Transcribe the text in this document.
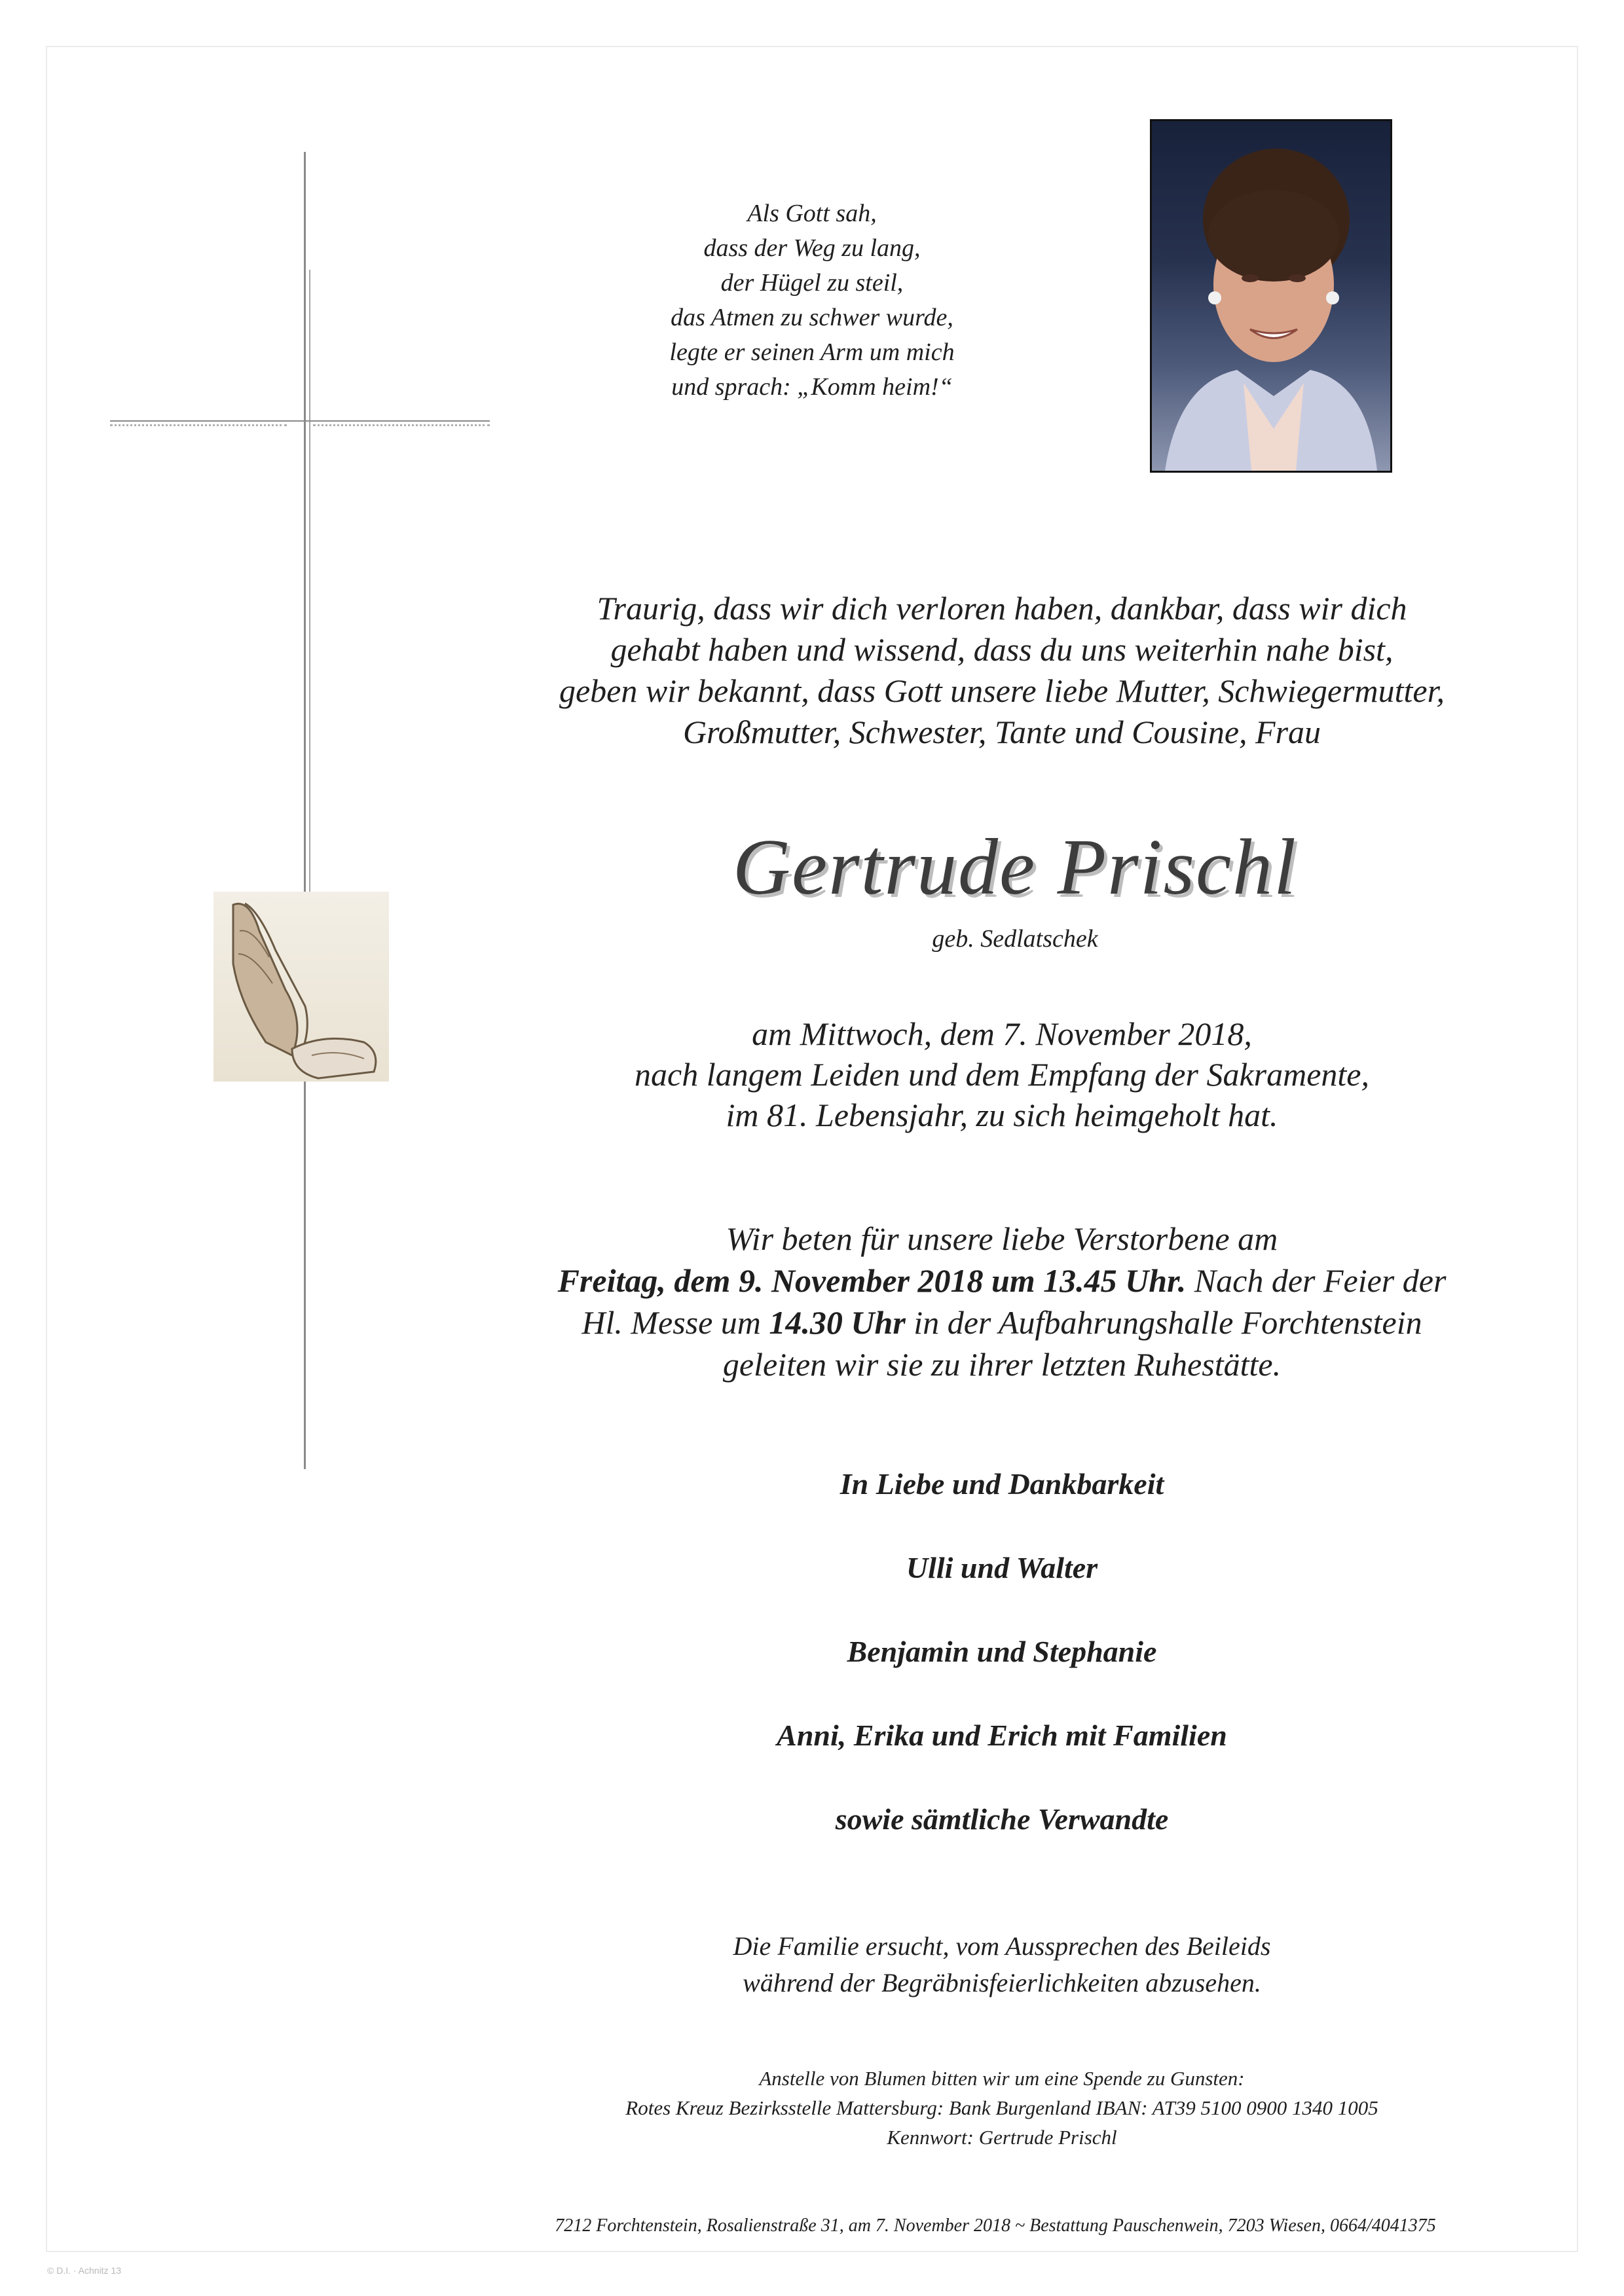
Als Gott sah,
dass der Weg zu lang,
der Hügel zu steil,
das Atmen zu schwer wurde,
legte er seinen Arm um mich
und sprach: „Komm heim!“
Traurig, dass wir dich verloren haben, dankbar, dass wir dich
gehabt haben und wissend, dass du uns weiterhin nahe bist,
geben wir bekannt, dass Gott unsere liebe Mutter, Schwiegermutter,
Großmutter, Schwester, Tante und Cousine, Frau
Gertrude Prischl
geb. Sedlatschek
am Mittwoch, dem 7. November 2018,
nach langem Leiden und dem Empfang der Sakramente,
im 81. Lebensjahr, zu sich heimgeholt hat.
Wir beten für unsere liebe Verstorbene am
Freitag, dem 9. November 2018 um 13.45 Uhr. Nach der Feier der
Hl. Messe um 14.30 Uhr in der Aufbahrungshalle Forchtenstein
geleiten wir sie zu ihrer letzten Ruhestätte.
In Liebe und Dankbarkeit
Ulli und Walter
Benjamin und Stephanie
Anni, Erika und Erich mit Familien
sowie sämtliche Verwandte
Die Familie ersucht, vom Aussprechen des Beileids
während der Begräbnisfeierlichkeiten abzusehen.
Anstelle von Blumen bitten wir um eine Spende zu Gunsten:
Rotes Kreuz Bezirksstelle Mattersburg: Bank Burgenland IBAN: AT39 5100 0900 1340 1005
Kennwort: Gertrude Prischl
7212 Forchtenstein, Rosalienstraße 31, am 7. November 2018 ~ Bestattung Pauschenwein, 7203 Wiesen, 0664/4041375
© D.I. · Achnitz 13
